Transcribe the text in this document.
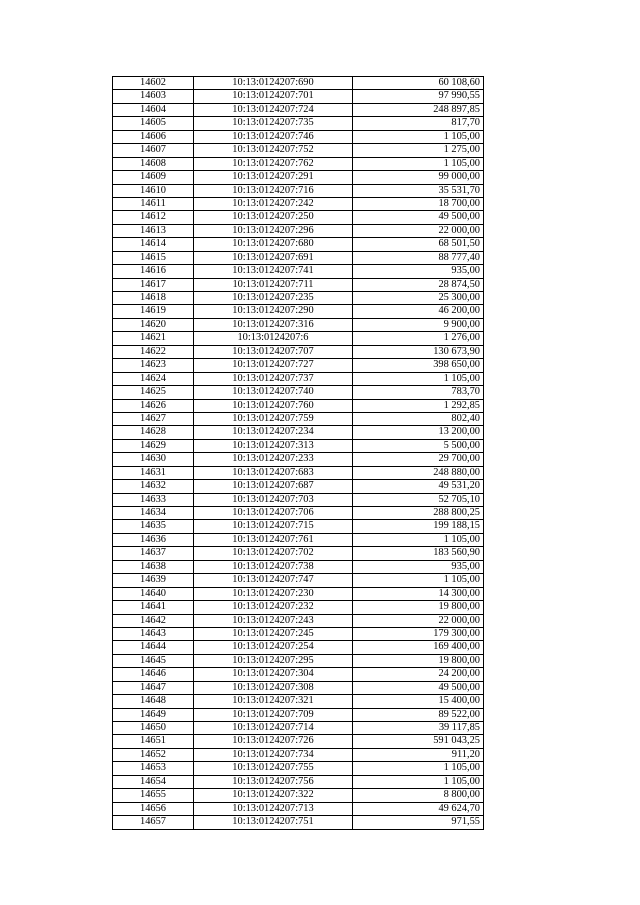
14602	10:13:0124207:690	60 108,60
14603	10:13:0124207:701	97 990,55
14604	10:13:0124207:724	248 897,85
14605	10:13:0124207:735	817,70
14606	10:13:0124207:746	1 105,00
14607	10:13:0124207:752	1 275,00
14608	10:13:0124207:762	1 105,00
14609	10:13:0124207:291	99 000,00
14610	10:13:0124207:716	35 531,70
14611	10:13:0124207:242	18 700,00
14612	10:13:0124207:250	49 500,00
14613	10:13:0124207:296	22 000,00
14614	10:13:0124207:680	68 501,50
14615	10:13:0124207:691	88 777,40
14616	10:13:0124207:741	935,00
14617	10:13:0124207:711	28 874,50
14618	10:13:0124207:235	25 300,00
14619	10:13:0124207:290	46 200,00
14620	10:13:0124207:316	9 900,00
14621	10:13:0124207:6	1 276,00
14622	10:13:0124207:707	130 673,90
14623	10:13:0124207:727	398 650,00
14624	10:13:0124207:737	1 105,00
14625	10:13:0124207:740	783,70
14626	10:13:0124207:760	1 292,85
14627	10:13:0124207:759	802,40
14628	10:13:0124207:234	13 200,00
14629	10:13:0124207:313	5 500,00
14630	10:13:0124207:233	29 700,00
14631	10:13:0124207:683	248 880,00
14632	10:13:0124207:687	49 531,20
14633	10:13:0124207:703	52 705,10
14634	10:13:0124207:706	288 800,25
14635	10:13:0124207:715	199 188,15
14636	10:13:0124207:761	1 105,00
14637	10:13:0124207:702	183 560,90
14638	10:13:0124207:738	935,00
14639	10:13:0124207:747	1 105,00
14640	10:13:0124207:230	14 300,00
14641	10:13:0124207:232	19 800,00
14642	10:13:0124207:243	22 000,00
14643	10:13:0124207:245	179 300,00
14644	10:13:0124207:254	169 400,00
14645	10:13:0124207:295	19 800,00
14646	10:13:0124207:304	24 200,00
14647	10:13:0124207:308	49 500,00
14648	10:13:0124207:321	15 400,00
14649	10:13:0124207:709	89 522,00
14650	10:13:0124207:714	39 117,85
14651	10:13:0124207:726	591 043,25
14652	10:13:0124207:734	911,20
14653	10:13:0124207:755	1 105,00
14654	10:13:0124207:756	1 105,00
14655	10:13:0124207:322	8 800,00
14656	10:13:0124207:713	49 624,70
14657	10:13:0124207:751	971,55
